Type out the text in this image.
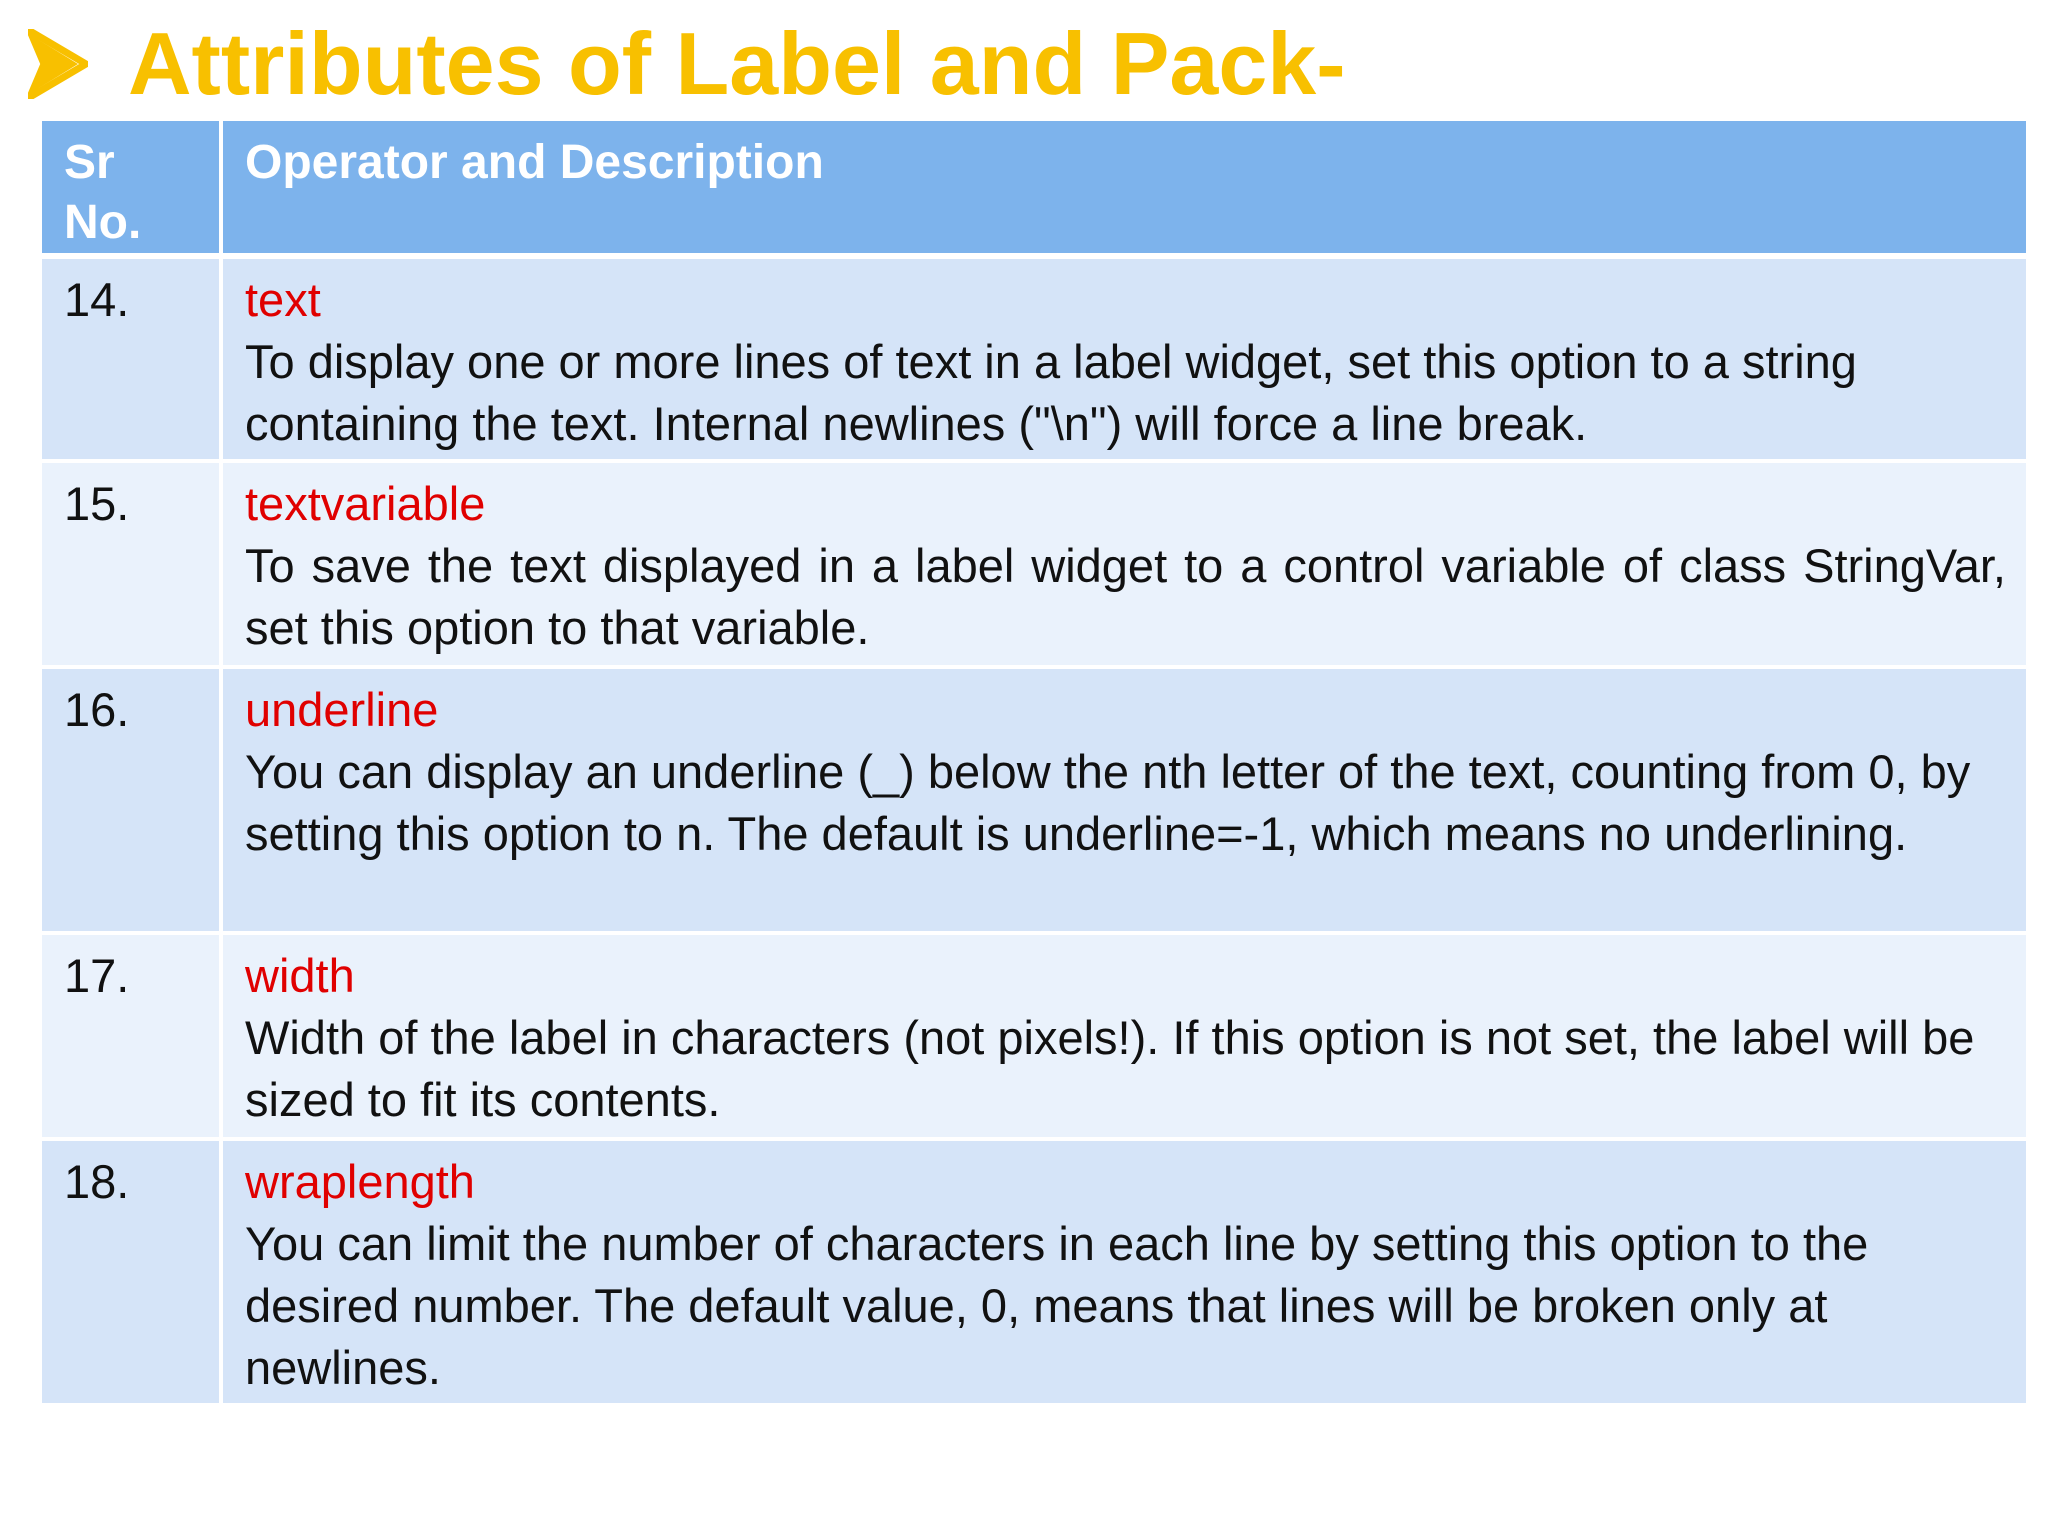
Attributes of Label and Pack-
Sr No.	Operator and Description
14.	text
To display one or more lines of text in a label widget, set this option to a string containing the text. Internal newlines ("\n") will force a line break.

15.	textvariable
To save the text displayed in a label widget to a control variable of class StringVar, set this option to that variable.

16.	underline
You can display an underline (_) below the nth letter of the text, counting from 0, by setting this option to n. The default is underline=-1, which means no underlining.

17.	width
Width of the label in characters (not pixels!). If this option is not set, the label will be sized to fit its contents.

18.	wraplength
You can limit the number of characters in each line by setting this option to the desired number. The default value, 0, means that lines will be broken only at newlines.
